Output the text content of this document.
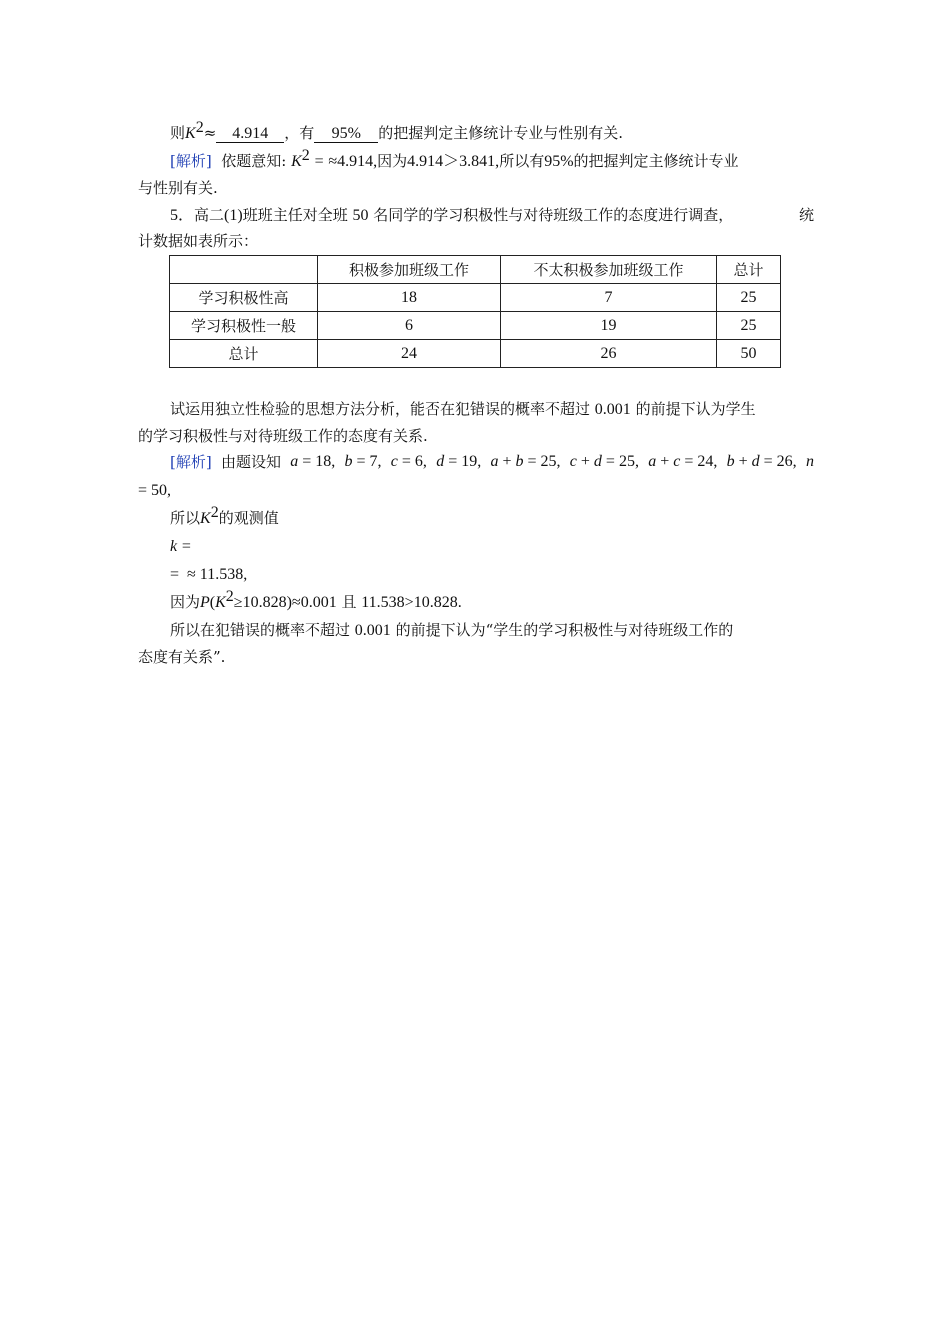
则$K^2\approx 4.914$ ，有 95% 的把握判定主修统计专业与性别有关.
[解析] 依题意知: $K^2 = \approx 4.914$,因为4.914＞3.841,所以有95%的把握判定主修统计专业
与性别有关.
5．高二(1)班班主任对全班 50 名同学的学习积极性与对待班级工作的态度进行调查，	统
计数据如表所示：
	积极参加班级工作	不太积极参加班级工作	总计
学习积极性高	18	7	25
学习积极性一般	6	19	25
总计	24	26	50
试运用独立性检验的思想方法分析，能否在犯错误的概率不超过 0.001 的前提下认为学生
的学习积极性与对待班级工作的态度有关系.
[解析] 由题设知 a = 18, b = 7, c = 6, d = 19, a + b = 25, c + d = 25, a + c = 24, b + d = 26, n
= 50,
所以$K^2$的观测值
k =
=  ≈ 11.538,
因为$P(K^2\ge 10.828)\approx 0.001$ 且 11.538>10.828.
所以在犯错误的概率不超过 0.001 的前提下认为“学生的学习积极性与对待班级工作的
态度有关系”.
